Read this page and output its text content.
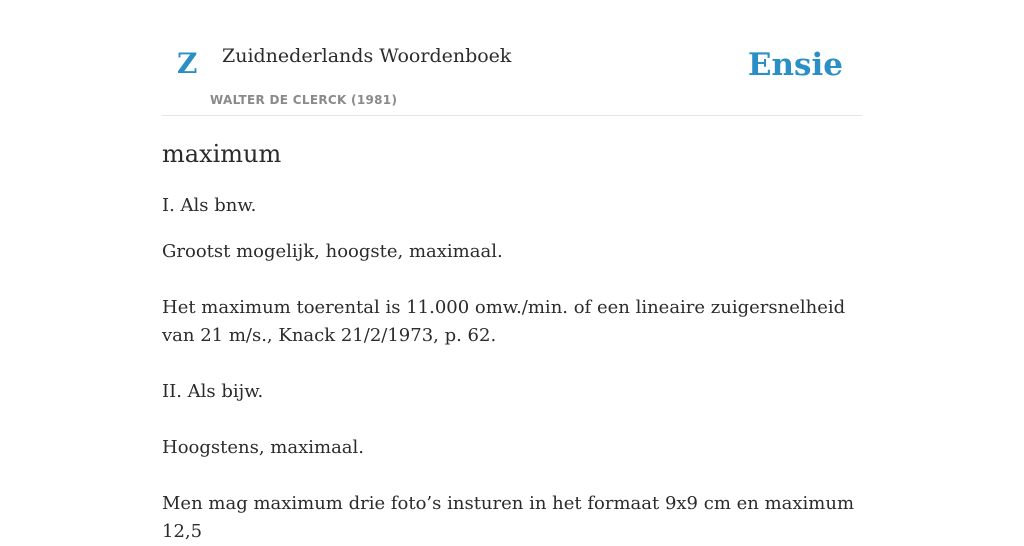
Z Zuidnederlands Woordenboek
WALTER DE CLERCK (1981)
Ensie
maximum

I. Als bnw.

Grootst mogelijk, hoogste, maximaal.

Het maximum toerental is 11.000 omw./min. of een lineaire zuigersnelheid van 21 m/s., Knack 21/2/1973, p. 62.

II. Als bijw.

Hoogstens, maximaal.

Men mag maximum drie foto’s insturen in het formaat 9x9 cm en maximum 12,5
